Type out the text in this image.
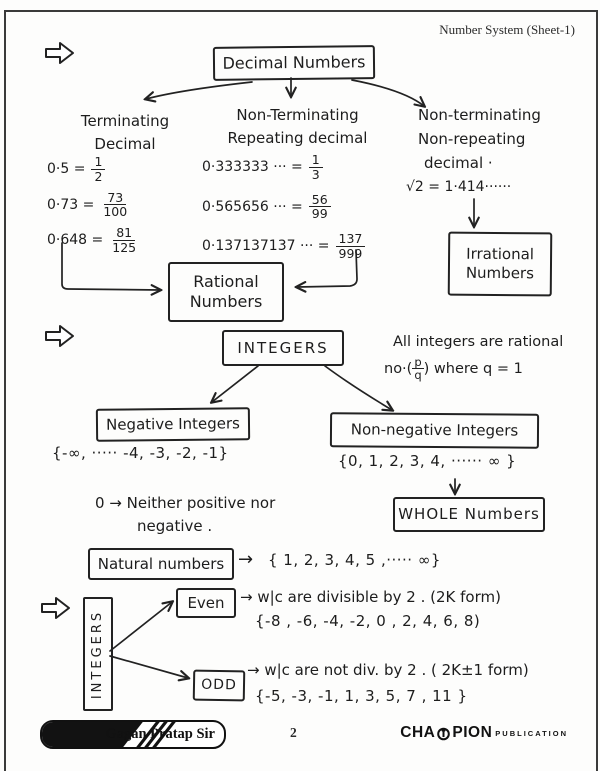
Number System (Sheet-1)
Decimal Numbers
Terminating
Decimal
$0\cdot 5 = \frac{1}{2}$
$0\cdot 73 = \frac{73}{100}$
$0\cdot 648 = \frac{81}{125}$
Non-Terminating
Repeating decimal
0·333333 ··· = $\frac{1}{3}$
0·565656 ··· = $\frac{56}{99}$
0·137137137 ··· = $\frac{137}{999}$
Non-terminating
Non-repeating
decimal ·
√2 = 1·414······
Irrational
Numbers
Rational
Numbers
INTEGERS	All integers are rational
$no\cdot( \frac{p}{q}$ ) where q = 1
Negative Integers
{-∞, ····· -4, -3, -2, -1}
Non-negative Integers
{0, 1, 2, 3, 4, ······ ∞ }
WHOLE Numbers
0 → Neither positive nor
negative .
Natural numbers → { 1, 2, 3, 4, 5 ,····· ∞}
INTEGERS
Even → w|c are divisible by 2 . (2K form)
{-8 , -6, -4, -2, 0 , 2, 4, 6, 8)
ODD
→ w|c are not div. by 2 . ( 2K±1 form)
{-5, -3, -1, 1, 3, 5, 7 , 11 }
Gagan Pratap Sir	2	CHA PION PUBLICATION
